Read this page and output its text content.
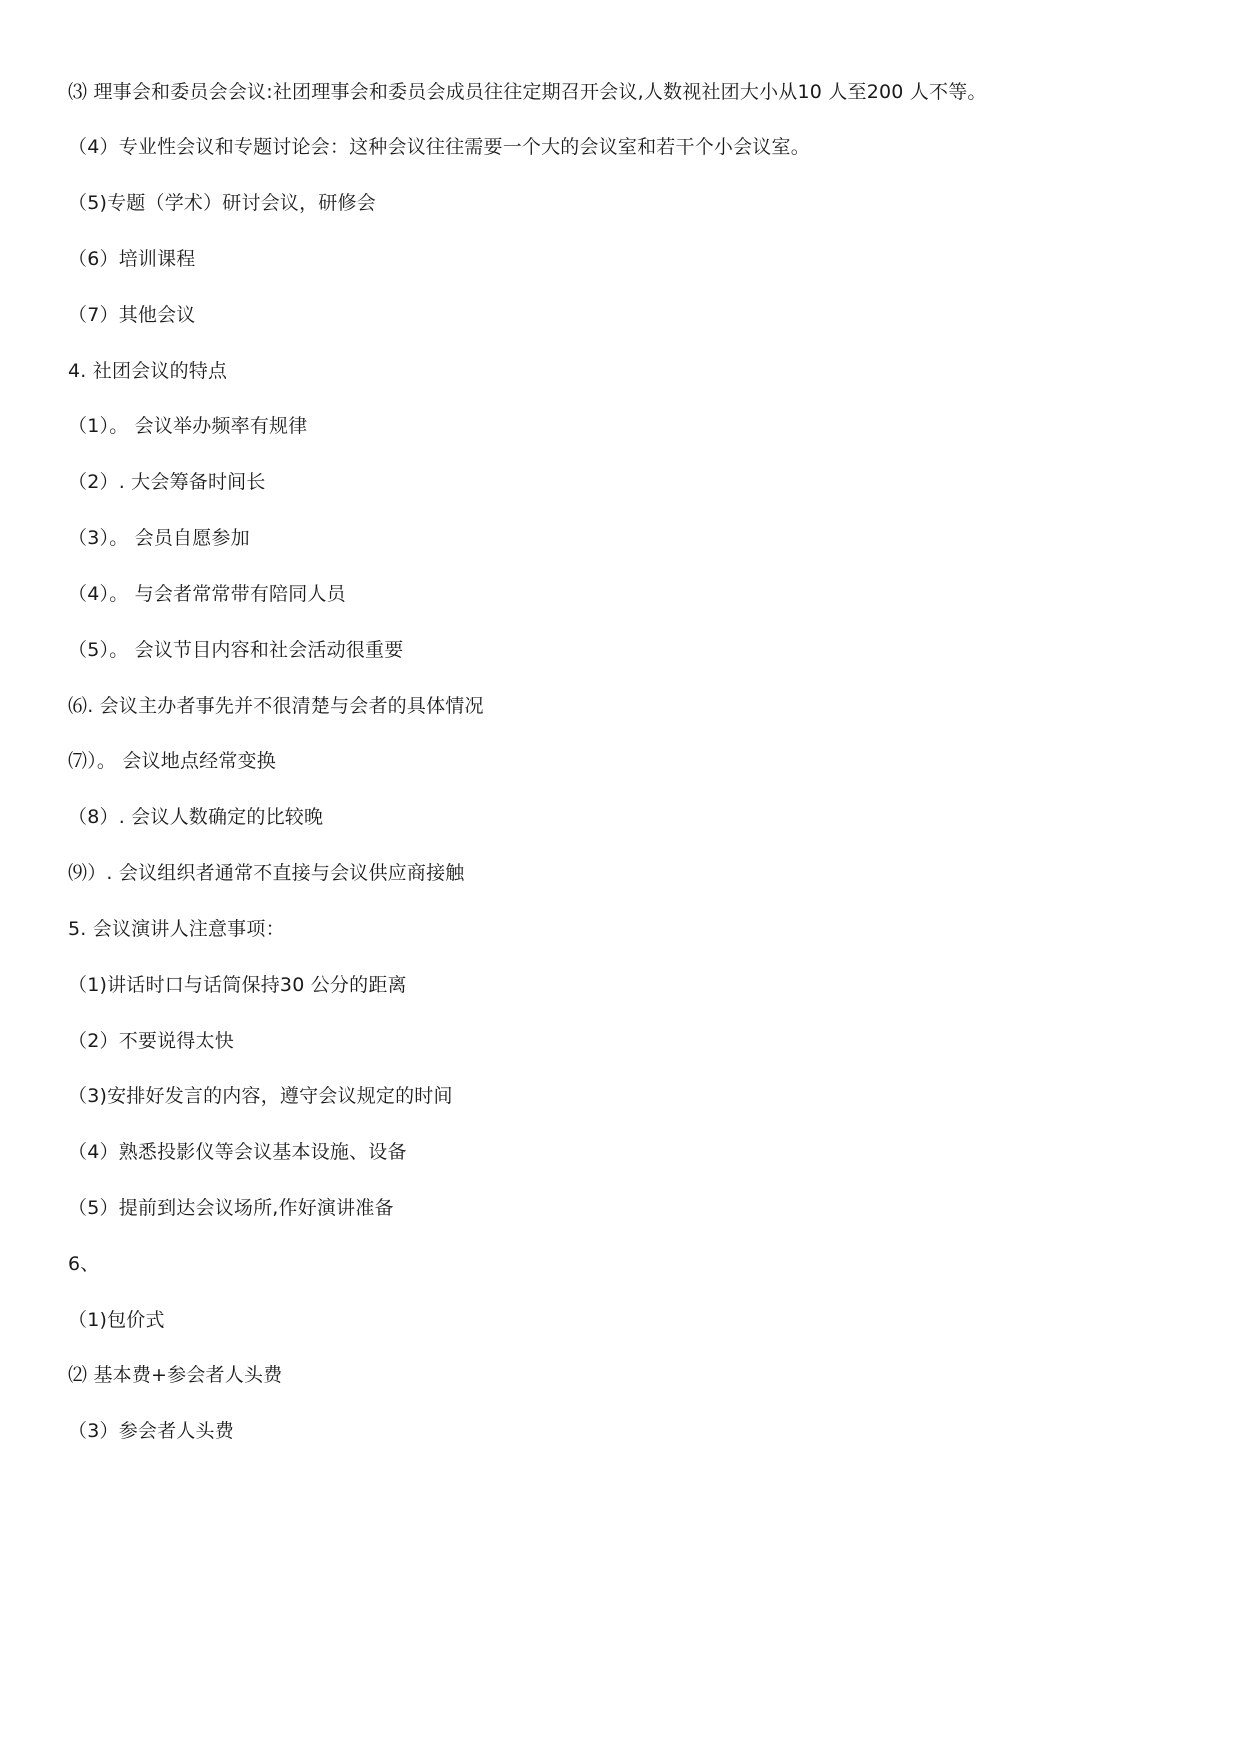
⑶ 理事会和委员会会议:社团理事会和委员会成员往往定期召开会议,人数视社团大小从10 人至200 人不等。
（4）专业性会议和专题讨论会：这种会议往往需要一个大的会议室和若干个小会议室。
（5)专题（学术）研讨会议，研修会
（6）培训课程
（7）其他会议
4. 社团会议的特点
（1）。 会议举办频率有规律
（2）. 大会筹备时间长
（3）。 会员自愿参加
（4）。 与会者常常带有陪同人员
（5）。 会议节目内容和社会活动很重要
⑹. 会议主办者事先并不很清楚与会者的具体情况
⑺）。 会议地点经常变换
（8）. 会议人数确定的比较晚
⑼）. 会议组织者通常不直接与会议供应商接触
5. 会议演讲人注意事项：
（1)讲话时口与话筒保持30 公分的距离
（2）不要说得太快
（3)安排好发言的内容，遵守会议规定的时间
（4）熟悉投影仪等会议基本设施、设备
（5）提前到达会议场所,作好演讲准备
6、
（1)包价式
⑵ 基本费+参会者人头费
（3）参会者人头费
